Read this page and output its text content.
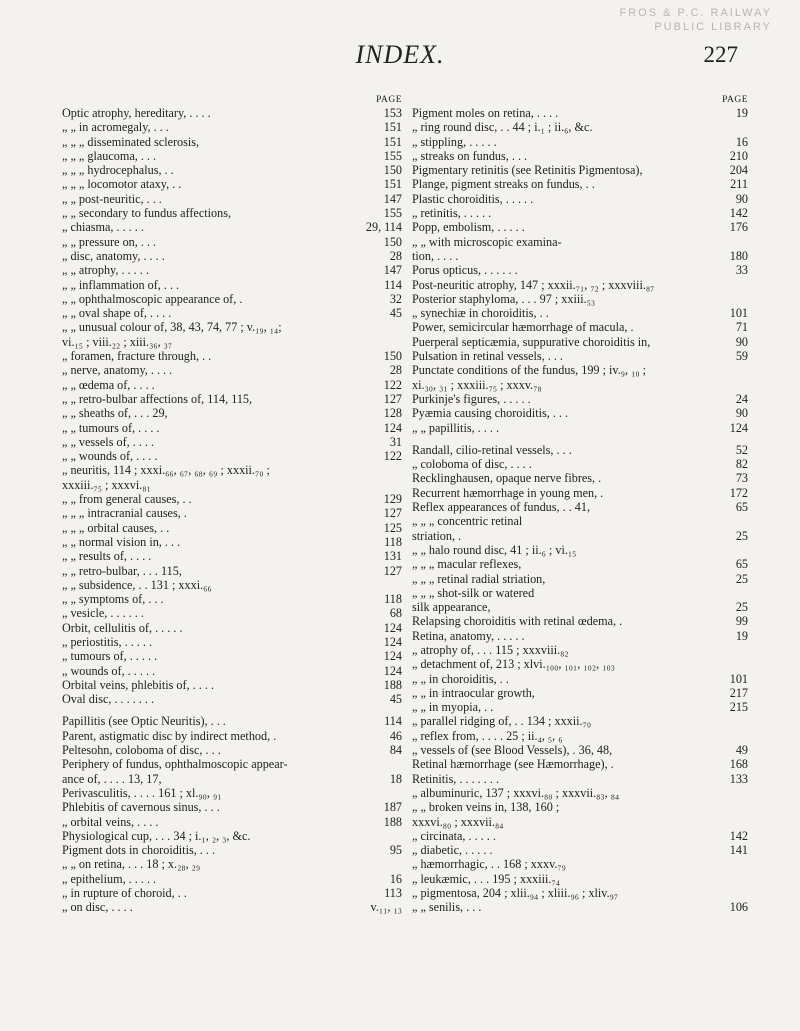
FROS & P.C. RAILWAY
PUBLIC LIBRARY
INDEX.	227
PAGE
Optic atrophy, hereditary, . . . .	153
„ „ in acromegaly, . . .	151
„ „ „ disseminated sclerosis,	151
„ „ „ glaucoma, . . .	155
„ „ „ hydrocephalus, . .	150
„ „ „ locomotor ataxy, . .	151
„ „ post-neuritic, . . .	147
„ „ secondary to fundus affections,	155
„ chiasma, . . . . .	29, 114
„ „ pressure on, . . .	150
„ disc, anatomy, . . . .	28
„ „ atrophy, . . . . .	147
„ „ inflammation of, . . .	114
„ „ ophthalmoscopic appearance of, .	32
„ „ oval shape of, . . . .	45
„ „ unusual colour of, 38, 43, 74, 77 ; v.₁₉, ₁₄;
vi.₁₅ ; viii.₂₂ ; xiii.₃₆, ₃₇
„ foramen, fracture through, . .	150
„ nerve, anatomy, . . . .	28
„ „ œdema of, . . . .	122
„ „ retro-bulbar affections of, 114, 115,	127
„ „ sheaths of, . . . 29,	128
„ „ tumours of, . . . .	124
„ „ vessels of, . . . .	31
„ „ wounds of, . . . .	122
„ neuritis, 114 ; xxxi.₆₆, ₆₇, ₆₈, ₆₉ ; xxxii.₇₀ ;
xxxiii.₇₅ ; xxxvi.₈₁
„ „ from general causes, . .	129
„ „ „ intracranial causes, .	127
„ „ „ orbital causes, . .	125
„ „ normal vision in, . . .	118
„ „ results of, . . . .	131
„ „ retro-bulbar, . . . 115,	127
„ „ subsidence, . . 131 ; xxxi.₆₆
„ „ symptoms of, . . .	118
„ vesicle, . . . . . .	68
Orbit, cellulitis of, . . . . .	124
„ periostitis, . . . . .	124
„ tumours of, . . . . .	124
„ wounds of, . . . . .	124
Orbital veins, phlebitis of, . . . .	188
Oval disc, . . . . . . .	45
Papillitis (see Optic Neuritis), . . .	114
Parent, astigmatic disc by indirect method, .	46
Peltesohn, coloboma of disc, . . .	84
Periphery of fundus, ophthalmoscopic appear-
ance of, . . . . 13, 17,	18
Perivasculitis, . . . . 161 ; xl.₉₀, ₉₁
Phlebitis of cavernous sinus, . . .	187
„ orbital veins, . . . .	188
Physiological cup, . . . 34 ; i.₁, ₂, ₃, &c.
Pigment dots in choroiditis, . . .	95
„ „ on retina, . . . 18 ; x.₂₈, ₂₉
„ epithelium, . . . . .	16
„ in rupture of choroid, . .	113
„ on disc, . . . .	v.₁₁, ₁₃
PAGE
Pigment moles on retina, . . . .	19
„ ring round disc, . . 44 ; i.₁ ; ii.₆, &c.
„ stippling, . . . . .	16
„ streaks on fundus, . . .	210
Pigmentary retinitis (see Retinitis Pigmentosa),	204
Plange, pigment streaks on fundus, . .	211
Plastic choroiditis, . . . . .	90
„ retinitis, . . . . .	142
Popp, embolism, . . . . .	176
„ „ with microscopic examina-
tion, . . . .	180
Porus opticus, . . . . . .	33
Post-neuritic atrophy, 147 ; xxxii.₇₁, ₇₂ ; xxxviii.₈₇
Posterior staphyloma, . . . 97 ; xxiii.₅₃
„ synechiæ in choroiditis, . .	101
Power, semicircular hæmorrhage of macula, .	71
Puerperal septicæmia, suppurative choroiditis in,	90
Pulsation in retinal vessels, . . .	59
Punctate conditions of the fundus, 199 ; iv.₉, ₁₀ ;
xi.₃₀, ₃₁ ; xxxiii.₇₅ ; xxxv.₇₈
Purkinje's figures, . . . . .	24
Pyæmia causing choroiditis, . . .	90
„ „ papillitis, . . . .	124
Randall, cilio-retinal vessels, . . .	52
„ coloboma of disc, . . . .	82
Recklinghausen, opaque nerve fibres, .	73
Recurrent hæmorrhage in young men, .	172
Reflex appearances of fundus, . . 41,	65
„ „ „ concentric retinal
striation, .	25
„ „ halo round disc, 41 ; ii.₆ ; vi.₁₅
„ „ „ macular reflexes,	65
„ „ „ retinal radial striation,	25
„ „ „ shot-silk or watered
silk appearance,	25
Relapsing choroiditis with retinal œdema, .	99
Retina, anatomy, . . . . .	19
„ atrophy of, . . . 115 ; xxxviii.₈₂
„ detachment of, 213 ; xlvi.₁₀₀, ₁₀₁, ₁₀₂, ₁₀₃
„ „ in choroiditis, . .	101
„ „ in intraocular growth,	217
„ „ in myopia, . .	215
„ parallel ridging of, . . 134 ; xxxii.₇₀
„ reflex from, . . . . 25 ; ii.₄, ₅, ₆
„ vessels of (see Blood Vessels), . 36, 48,	49
Retinal hæmorrhage (see Hæmorrhage), .	168
Retinitis, . . . . . . .	133
„ albuminuric, 137 ; xxxvi.₈₀ ; xxxvii.₈₃, ₈₄
„ „ broken veins in, 138, 160 ;
xxxvi.₈₀ ; xxxvii.₈₄
„ circinata, . . . . .	142
„ diabetic, . . . . .	141
„ hæmorrhagic, . . 168 ; xxxv.₇₉
„ leukæmic, . . . 195 ; xxxiii.₇₄
„ pigmentosa, 204 ; xlii.₉₄ ; xliii.₉₆ ; xliv.₉₇
„ „ senilis, . . .	106
